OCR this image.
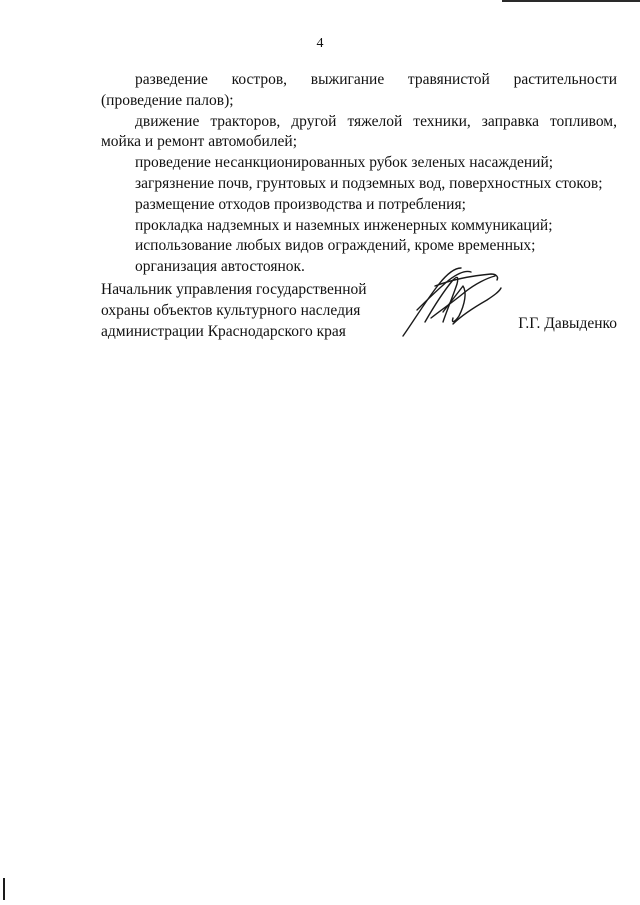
4

разведение костров, выжигание травянистой растительности (проведение палов);

движение тракторов, другой тяжелой техники, заправка топливом, мойка и ремонт автомобилей;

проведение несанкционированных рубок зеленых насаждений;

загрязнение почв, грунтовых и подземных вод, поверхностных стоков;

размещение отходов производства и потребления;

прокладка надземных и наземных инженерных коммуникаций;

использование любых видов ограждений, кроме временных;

организация автостоянок.

Начальник управления государственной
охраны объектов культурного наследия
администрации Краснодарского края	Г.Г. Давыденко
